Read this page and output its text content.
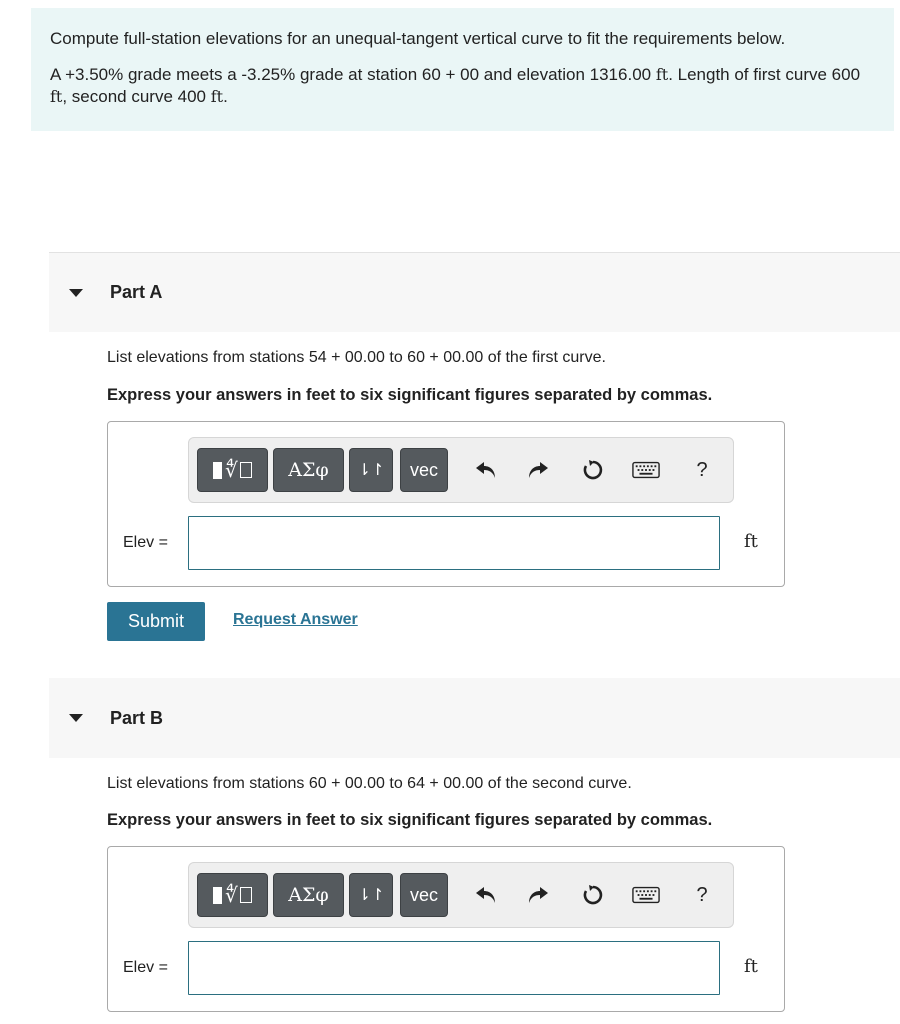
Compute full-station elevations for an unequal-tangent vertical curve to fit the requirements below.

A +3.50% grade meets a -3.25% grade at station 60 + 00 and elevation 1316.00 ft. Length of first curve 600 ft, second curve 400 ft.

Part A
List elevations from stations 54 + 00.00 to 60 + 00.00 of the first curve.
Express your answers in feet to six significant figures separated by commas.
∜	ΑΣφ	⇂↾	vec	?
Elev =	ft
Submit	Request Answer
Part B
List elevations from stations 60 + 00.00 to 64 + 00.00 of the second curve.
Express your answers in feet to six significant figures separated by commas.
∜	ΑΣφ	⇂↾	vec	?
Elev =	ft
